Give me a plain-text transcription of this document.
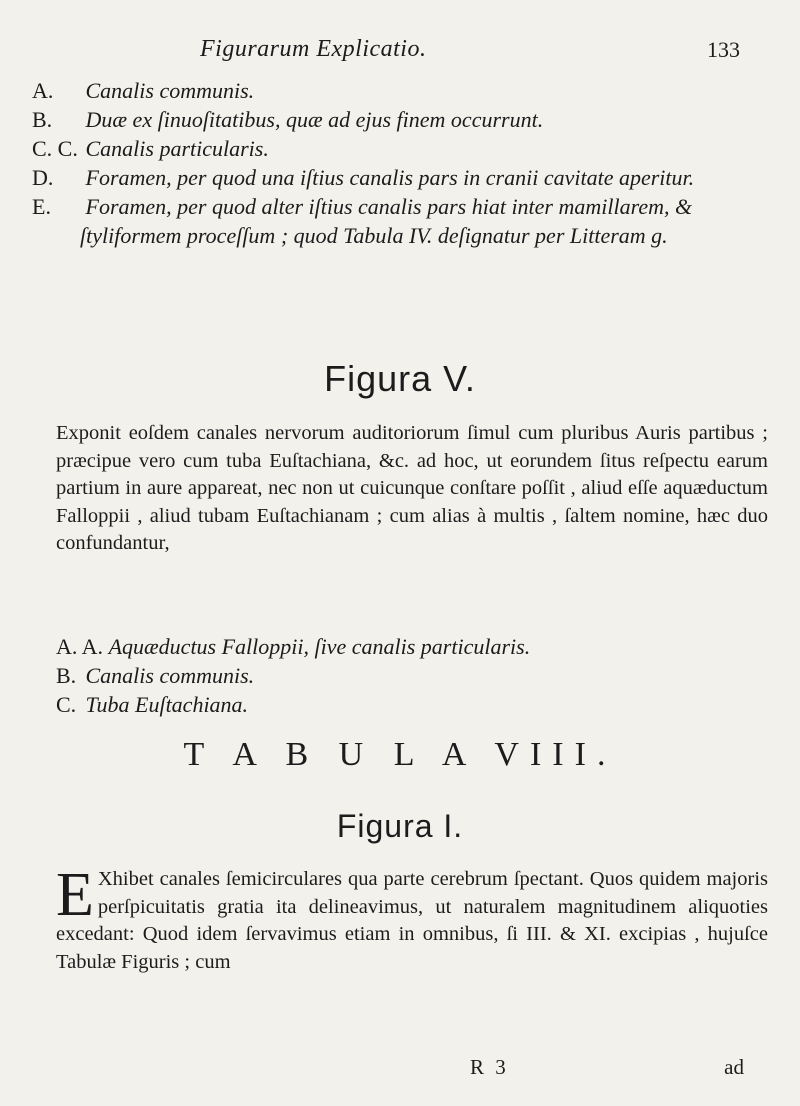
Figurarum Explicatio.	133

A. Canalis communis.

B. Duæ ex ſinuoſitatibus, quæ ad ejus finem occurrunt.

C. C. Canalis particularis.

D. Foramen, per quod una iſtius canalis pars in cranii cavitate aperitur.

E. Foramen, per quod alter iſtius canalis pars hiat inter mamillarem, & ſtyliformem proceſſum ; quod Tabula IV. deſignatur per Litteram g.

Figura V.

Exponit eoſdem canales nervorum auditoriorum ſimul cum pluribus Auris partibus ; præcipue vero cum tuba Euſtachiana, &c. ad hoc, ut eorundem ſitus reſpectu earum partium in aure appareat, nec non ut cuicunque conſtare poſſit , aliud eſſe aquæductum Falloppii , aliud tubam Euſtachianam ; cum alias à multis , ſaltem nomine, hæc duo confundantur,

A. A. Aquæductus Falloppii, ſive canalis particularis.

B. Canalis communis.

C. Tuba Euſtachiana.

T A B U L A VIII.
Figura I.

E Xhibet canales ſemicirculares qua parte cerebrum ſpectant. Quos quidem majoris perſpicuitatis gratia ita delineavimus, ut naturalem magnitudinem aliquoties excedant: Quod idem ſervavimus etiam in omnibus, ſi III. & XI. excipias , hujuſce Tabulæ Figuris ; cum

R 3	ad
